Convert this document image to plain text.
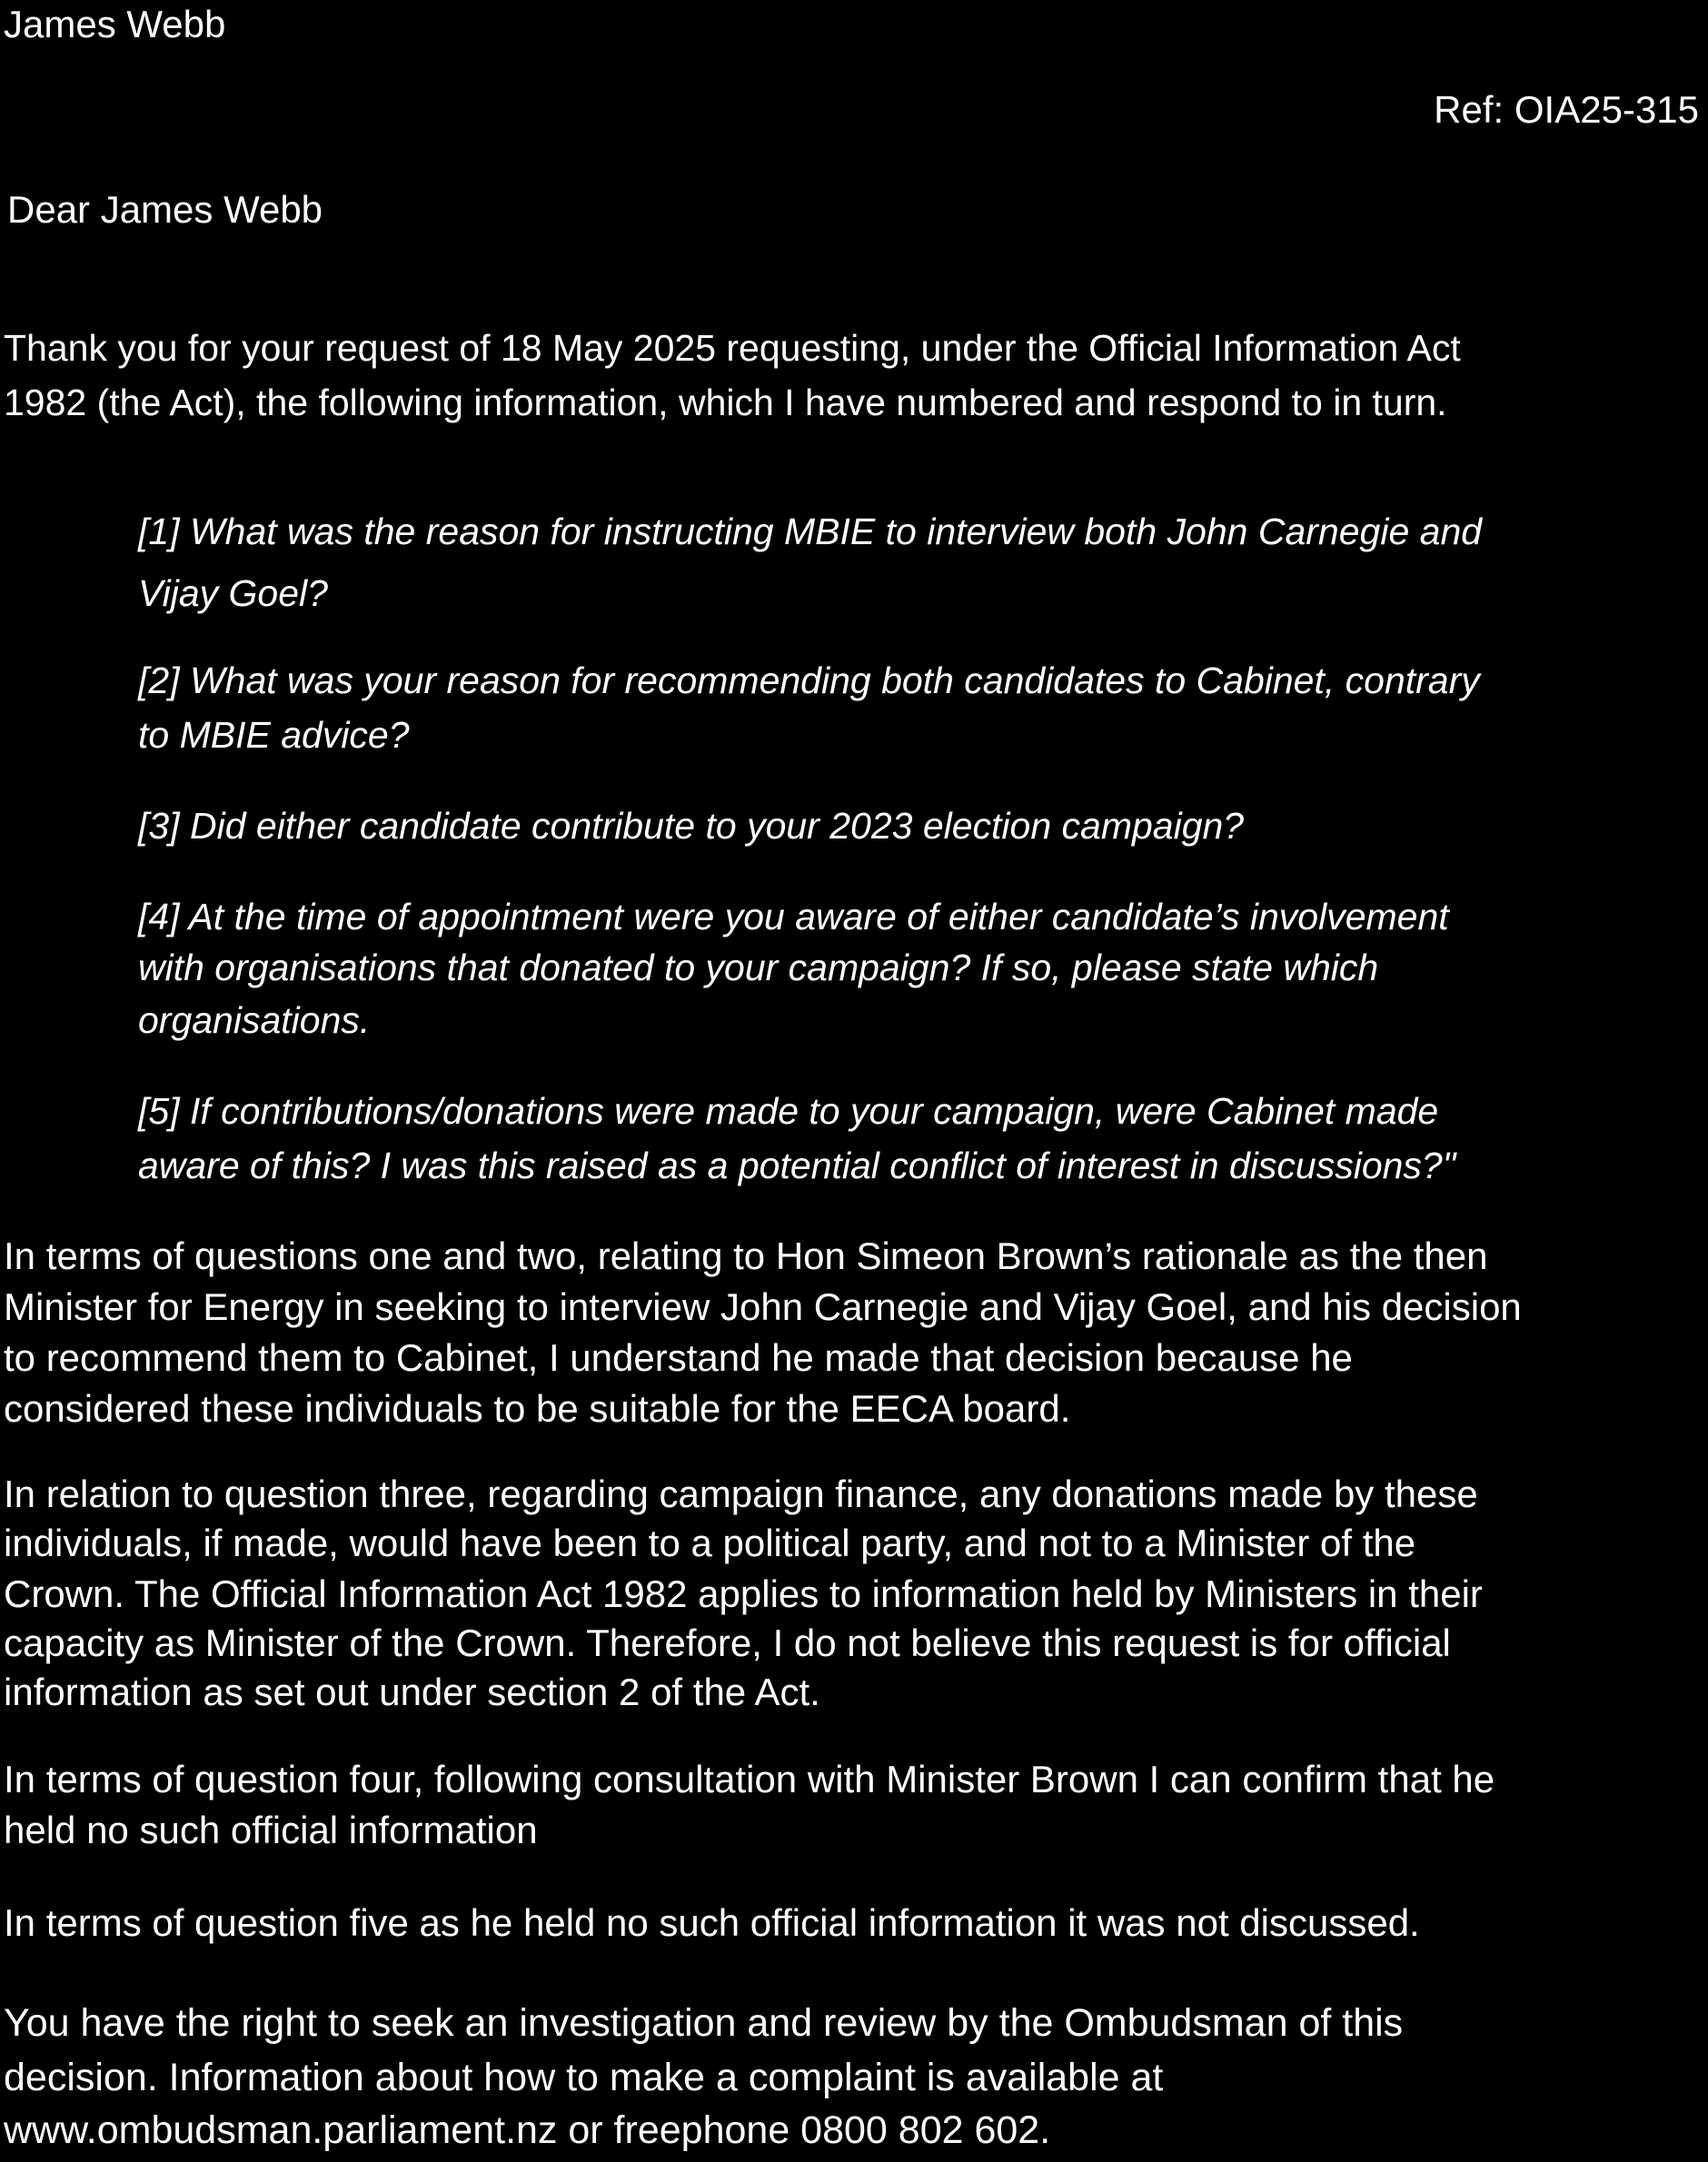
James Webb

Ref: OIA25-315

Dear James Webb

Thank you for your request of 18 May 2025 requesting, under the Official Information Act

1982 (the Act), the following information, which I have numbered and respond to in turn.

[1] What was the reason for instructing MBIE to interview both John Carnegie and

Vijay Goel?

[2] What was your reason for recommending both candidates to Cabinet, contrary

to MBIE advice?

[3] Did either candidate contribute to your 2023 election campaign?

[4] At the time of appointment were you aware of either candidate’s involvement

with organisations that donated to your campaign? If so, please state which

organisations.

[5] If contributions/donations were made to your campaign, were Cabinet made

aware of this? I was this raised as a potential conflict of interest in discussions?"

In terms of questions one and two, relating to Hon Simeon Brown’s rationale as the then

Minister for Energy in seeking to interview John Carnegie and Vijay Goel, and his decision

to recommend them to Cabinet, I understand he made that decision because he

considered these individuals to be suitable for the EECA board.

In relation to question three, regarding campaign finance, any donations made by these

individuals, if made, would have been to a political party, and not to a Minister of the

Crown. The Official Information Act 1982 applies to information held by Ministers in their

capacity as Minister of the Crown. Therefore, I do not believe this request is for official

information as set out under section 2 of the Act.

In terms of question four, following consultation with Minister Brown I can confirm that he

held no such official information

In terms of question five as he held no such official information it was not discussed.

You have the right to seek an investigation and review by the Ombudsman of this

decision. Information about how to make a complaint is available at

www.ombudsman.parliament.nz or freephone 0800 802 602.
